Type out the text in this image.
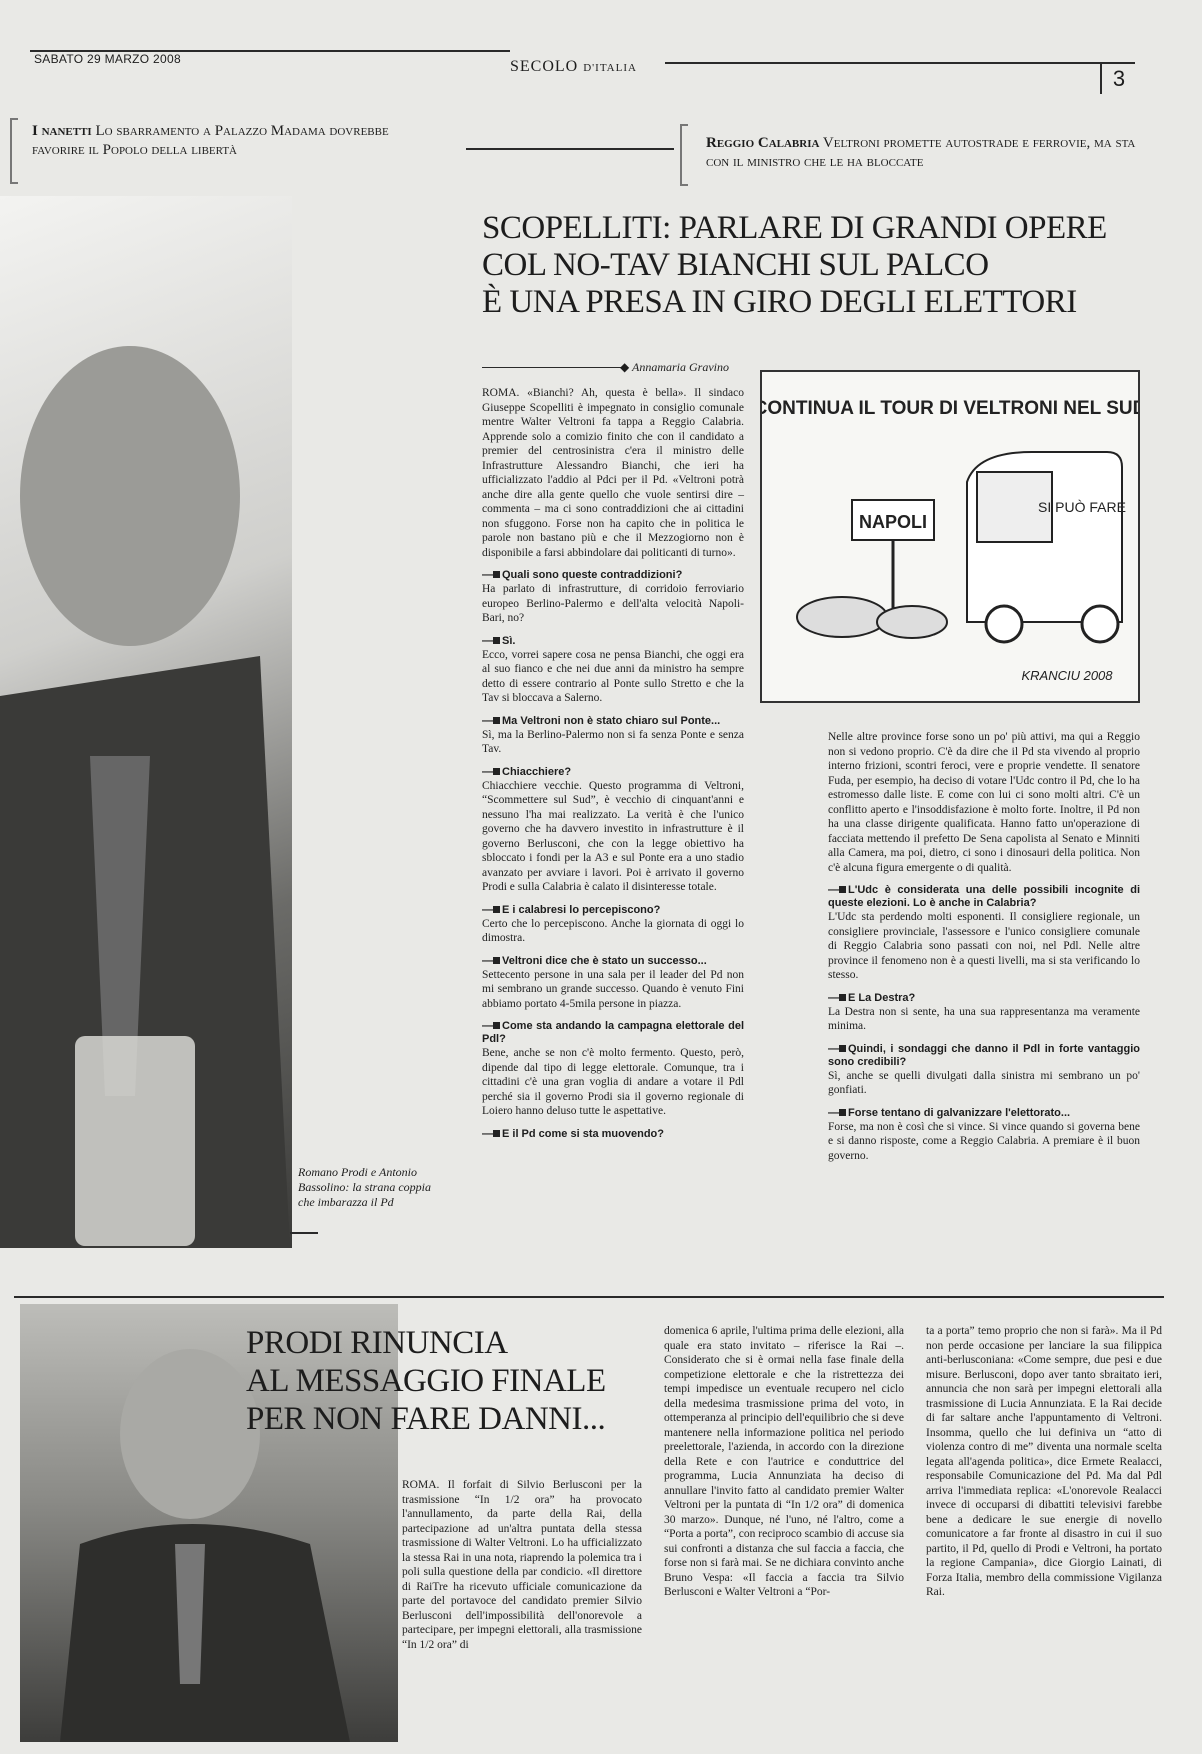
SABATO 29 MARZO 2008	SECOLO D'ITALIA	3
I nanetti Lo sbarramento a Palazzo Madama dovrebbe favorire il Popolo della libertà	Reggio Calabria Veltroni promette autostrade e ferrovie, ma sta con il ministro che le ha bloccate
Romano Prodi e Antonio Bassolino: la strana coppia che imbarazza il Pd
SCOPELLITI: PARLARE DI GRANDI OPERE
COL NO-TAV BIANCHI SUL PALCO
È UNA PRESA IN GIRO DEGLI ELETTORI
◆ Annamaria Gravino

ROMA. «Bianchi? Ah, questa è bella». Il sindaco Giuseppe Scopelliti è impegnato in consiglio comunale mentre Walter Veltroni fa tappa a Reggio Calabria. Apprende solo a comizio finito che con il candidato a premier del centrosinistra c'era il ministro delle Infrastrutture Alessandro Bianchi, che ieri ha ufficializzato l'addio al Pdci per il Pd. «Veltroni potrà anche dire alla gente quello che vuole sentirsi dire – commenta – ma ci sono contraddizioni che ai cittadini non sfuggono. Forse non ha capito che in politica le parole non bastano più e che il Mezzogiorno non è disponibile a farsi abbindolare dai politicanti di turno».

— Quali sono queste contraddizioni?

Ha parlato di infrastrutture, di corridoio ferroviario europeo Berlino-Palermo e dell'alta velocità Napoli-Bari, no?

— Sì.

Ecco, vorrei sapere cosa ne pensa Bianchi, che oggi era al suo fianco e che nei due anni da ministro ha sempre detto di essere contrario al Ponte sullo Stretto e che la Tav si bloccava a Salerno.

— Ma Veltroni non è stato chiaro sul Ponte...

Sì, ma la Berlino-Palermo non si fa senza Ponte e senza Tav.

— Chiacchiere?

Chiacchiere vecchie. Questo programma di Veltroni, “Scommettere sul Sud”, è vecchio di cinquant'anni e nessuno l'ha mai realizzato. La verità è che l'unico governo che ha davvero investito in infrastrutture è il governo Berlusconi, che con la legge obiettivo ha sbloccato i fondi per la A3 e sul Ponte era a uno stadio avanzato per avviare i lavori. Poi è arrivato il governo Prodi e sulla Calabria è calato il disinteresse totale.

— E i calabresi lo percepiscono?

Certo che lo percepiscono. Anche la giornata di oggi lo dimostra.

— Veltroni dice che è stato un successo...

Settecento persone in una sala per il leader del Pd non mi sembrano un grande successo. Quando è venuto Fini abbiamo portato 4-5mila persone in piazza.

— Come sta andando la campagna elettorale del Pdl?

Bene, anche se non c'è molto fermento. Questo, però, dipende dal tipo di legge elettorale. Comunque, tra i cittadini c'è una gran voglia di andare a votare il Pdl perché sia il governo Prodi sia il governo regionale di Loiero hanno deluso tutte le aspettative.

— E il Pd come si sta muovendo?
CONTINUA IL TOUR DI VELTRONI NEL SUD
NAPOLI
SI PUÒ FARE
KRANCIU 2008

Nelle altre province forse sono un po' più attivi, ma qui a Reggio non si vedono proprio. C'è da dire che il Pd sta vivendo al proprio interno frizioni, scontri feroci, vere e proprie vendette. Il senatore Fuda, per esempio, ha deciso di votare l'Udc contro il Pd, che lo ha estromesso dalle liste. E come con lui ci sono molti altri. C'è un conflitto aperto e l'insoddisfazione è molto forte. Inoltre, il Pd non ha una classe dirigente qualificata. Hanno fatto un'operazione di facciata mettendo il prefetto De Sena capolista al Senato e Minniti alla Camera, ma poi, dietro, ci sono i dinosauri della politica. Non c'è alcuna figura emergente o di qualità.

— L'Udc è considerata una delle possibili incognite di queste elezioni. Lo è anche in Calabria?

L'Udc sta perdendo molti esponenti. Il consigliere regionale, un consigliere provinciale, l'assessore e l'unico consigliere comunale di Reggio Calabria sono passati con noi, nel Pdl. Nelle altre province il fenomeno non è a questi livelli, ma si sta verificando lo stesso.

— E La Destra?

La Destra non si sente, ha una sua rappresentanza ma veramente minima.

— Quindi, i sondaggi che danno il Pdl in forte vantaggio sono credibili?

Sì, anche se quelli divulgati dalla sinistra mi sembrano un po' gonfiati.

— Forse tentano di galvanizzare l'elettorato...

Forse, ma non è così che si vince. Si vince quando si governa bene e si danno risposte, come a Reggio Calabria. A premiare è il buon governo.

PRODI RINUNCIA
AL MESSAGGIO FINALE
PER NON FARE DANNI...
ROMA. Il forfait di Silvio Berlusconi per la trasmissione “In 1/2 ora” ha provocato l'annullamento, da parte della Rai, della partecipazione ad un'altra puntata della stessa trasmissione di Walter Veltroni. Lo ha ufficializzato la stessa Rai in una nota, riaprendo la polemica tra i poli sulla questione della par condicio. «Il direttore di RaiTre ha ricevuto ufficiale comunicazione da parte del portavoce del candidato premier Silvio Berlusconi dell'impossibilità dell'onorevole a partecipare, per impegni elettorali, alla trasmissione “In 1/2 ora” di
domenica 6 aprile, l'ultima prima delle elezioni, alla quale era stato invitato – riferisce la Rai –. Considerato che si è ormai nella fase finale della competizione elettorale e che la ristrettezza dei tempi impedisce un eventuale recupero nel ciclo della medesima trasmissione prima del voto, in ottemperanza al principio dell'equilibrio che si deve mantenere nella informazione politica nel periodo preelettorale, l'azienda, in accordo con la direzione della Rete e con l'autrice e conduttrice del programma, Lucia Annunziata ha deciso di annullare l'invito fatto al candidato premier Walter Veltroni per la puntata di “In 1/2 ora” di domenica 30 marzo». Dunque, né l'uno, né l'altro, come a “Porta a porta”, con reciproco scambio di accuse sia sui confronti a distanza che sul faccia a faccia, che forse non si farà mai. Se ne dichiara convinto anche Bruno Vespa: «Il faccia a faccia tra Silvio Berlusconi e Walter Veltroni a “Por-
ta a porta” temo proprio che non si farà». Ma il Pd non perde occasione per lanciare la sua filippica anti-berlusconiana: «Come sempre, due pesi e due misure. Berlusconi, dopo aver tanto sbraitato ieri, annuncia che non sarà per impegni elettorali alla trasmissione di Lucia Annunziata. E la Rai decide di far saltare anche l'appuntamento di Veltroni. Insomma, quello che lui definiva un “atto di violenza contro di me” diventa una normale scelta legata all'agenda politica», dice Ermete Realacci, responsabile Comunicazione del Pd. Ma dal Pdl arriva l'immediata replica: «L'onorevole Realacci invece di occuparsi di dibattiti televisivi farebbe bene a dedicare le sue energie di novello comunicatore a far fronte al disastro in cui il suo partito, il Pd, quello di Prodi e Veltroni, ha portato la regione Campania», dice Giorgio Lainati, di Forza Italia, membro della commissione Vigilanza Rai.
